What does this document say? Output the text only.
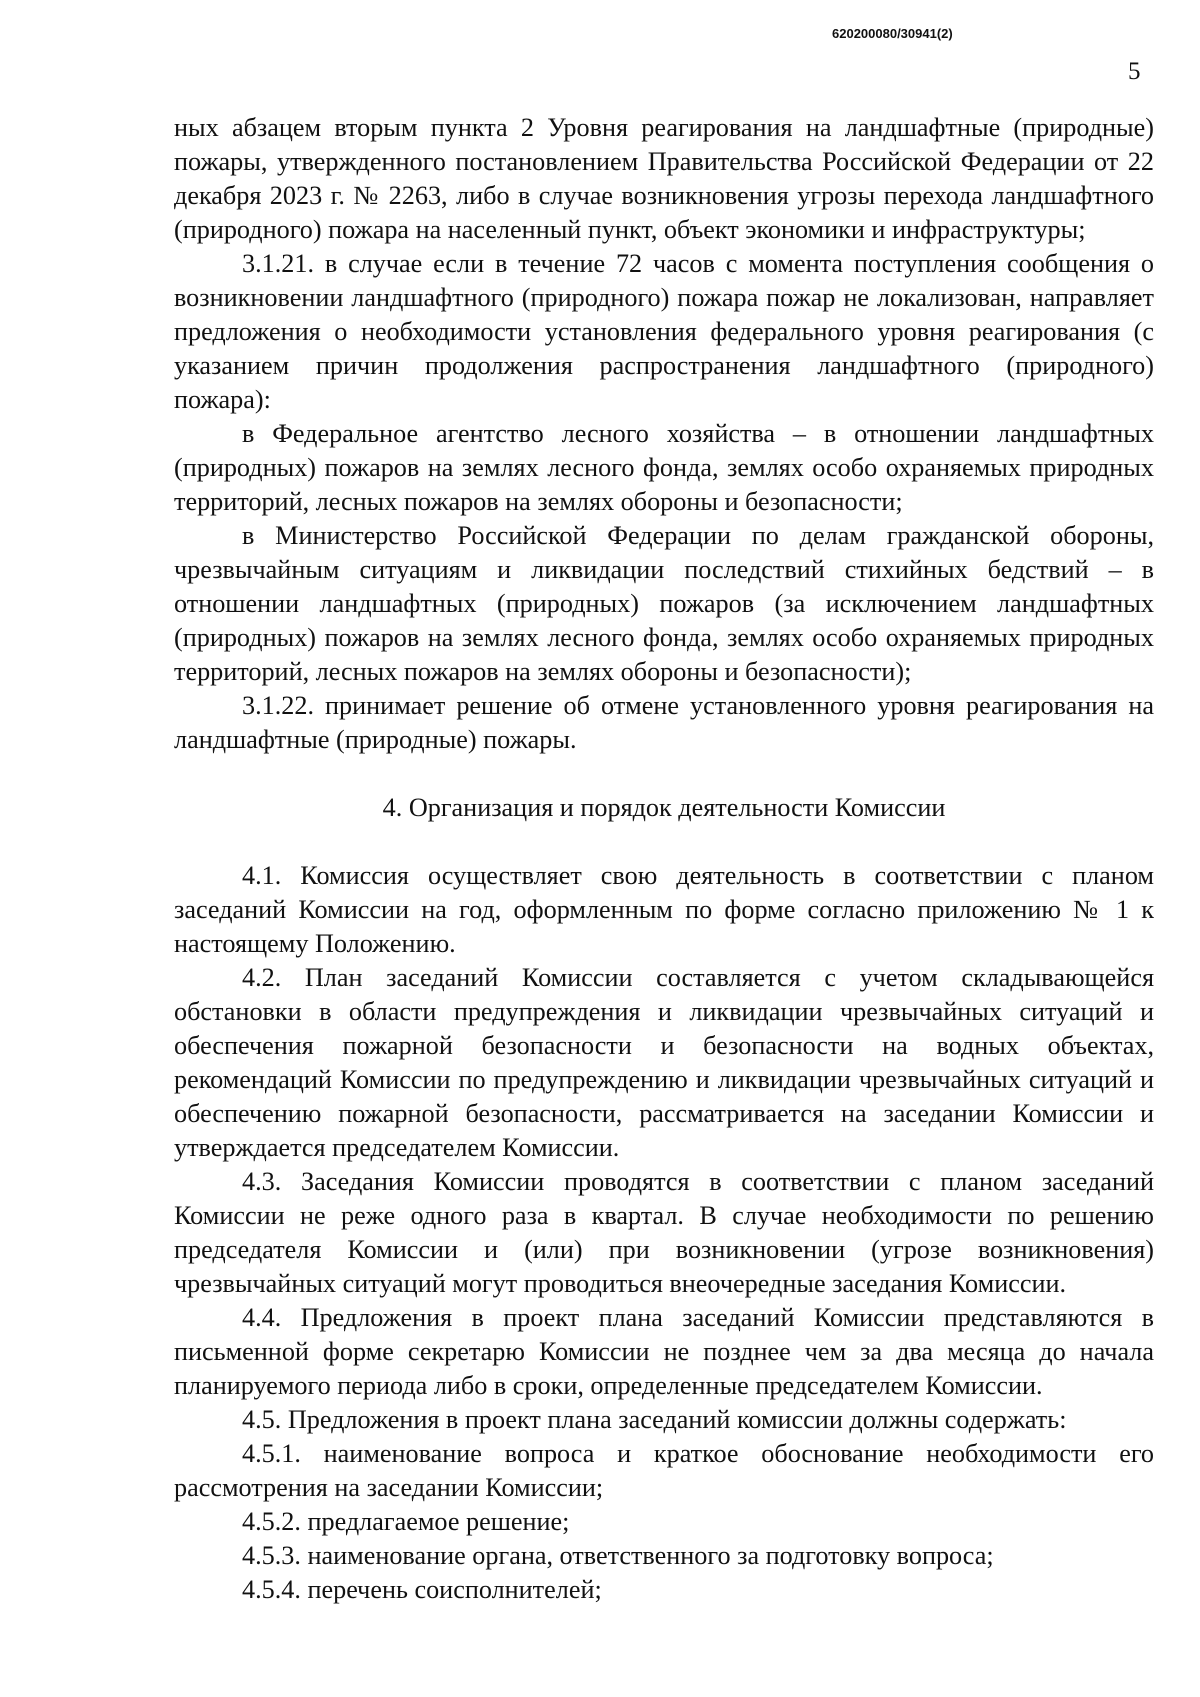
620200080/30941(2)
5

ных абзацем вторым пункта 2 Уровня реагирования на ландшафтные (природные) пожары, утвержденного постановлением Правительства Российской Федерации от 22 декабря 2023 г. № 2263, либо в случае возникновения угрозы перехода ландшафтного (природного) пожара на населенный пункт, объект экономики и инфраструктуры;

3.1.21. в случае если в течение 72 часов с момента поступления сообщения о возникновении ландшафтного (природного) пожара пожар не локализован, направляет предложения о необходимости установления федерального уровня реагирования (с указанием причин продолжения распространения ландшафтного (природного) пожара):

в Федеральное агентство лесного хозяйства – в отношении ландшафтных (природных) пожаров на землях лесного фонда, землях особо охраняемых природных территорий, лесных пожаров на землях обороны и безопасности;

в Министерство Российской Федерации по делам гражданской обороны, чрезвычайным ситуациям и ликвидации последствий стихийных бедствий – в отношении ландшафтных (природных) пожаров (за исключением ландшафтных (природных) пожаров на землях лесного фонда, землях особо охраняемых природных территорий, лесных пожаров на землях обороны и безопасности);

3.1.22. принимает решение об отмене установленного уровня реагирования на ландшафтные (природные) пожары.

4. Организация и порядок деятельности Комиссии

4.1. Комиссия осуществляет свою деятельность в соответствии с планом заседаний Комиссии на год, оформленным по форме согласно приложению № 1 к настоящему Положению.

4.2. План заседаний Комиссии составляется с учетом складывающейся обстановки в области предупреждения и ликвидации чрезвычайных ситуаций и обеспечения пожарной безопасности и безопасности на водных объектах, рекомендаций Комиссии по предупреждению и ликвидации чрезвычайных ситуаций и обеспечению пожарной безопасности, рассматривается на заседании Комиссии и утверждается председателем Комиссии.

4.3. Заседания Комиссии проводятся в соответствии с планом заседаний Комиссии не реже одного раза в квартал. В случае необходимости по решению председателя Комиссии и (или) при возникновении (угрозе возникновения) чрезвычайных ситуаций могут проводиться внеочередные заседания Комиссии.

4.4. Предложения в проект плана заседаний Комиссии представляются в письменной форме секретарю Комиссии не позднее чем за два месяца до начала планируемого периода либо в сроки, определенные председателем Комиссии.

4.5. Предложения в проект плана заседаний комиссии должны содержать:

4.5.1. наименование вопроса и краткое обоснование необходимости его рассмотрения на заседании Комиссии;

4.5.2. предлагаемое решение;

4.5.3. наименование органа, ответственного за подготовку вопроса;

4.5.4. перечень соисполнителей;
